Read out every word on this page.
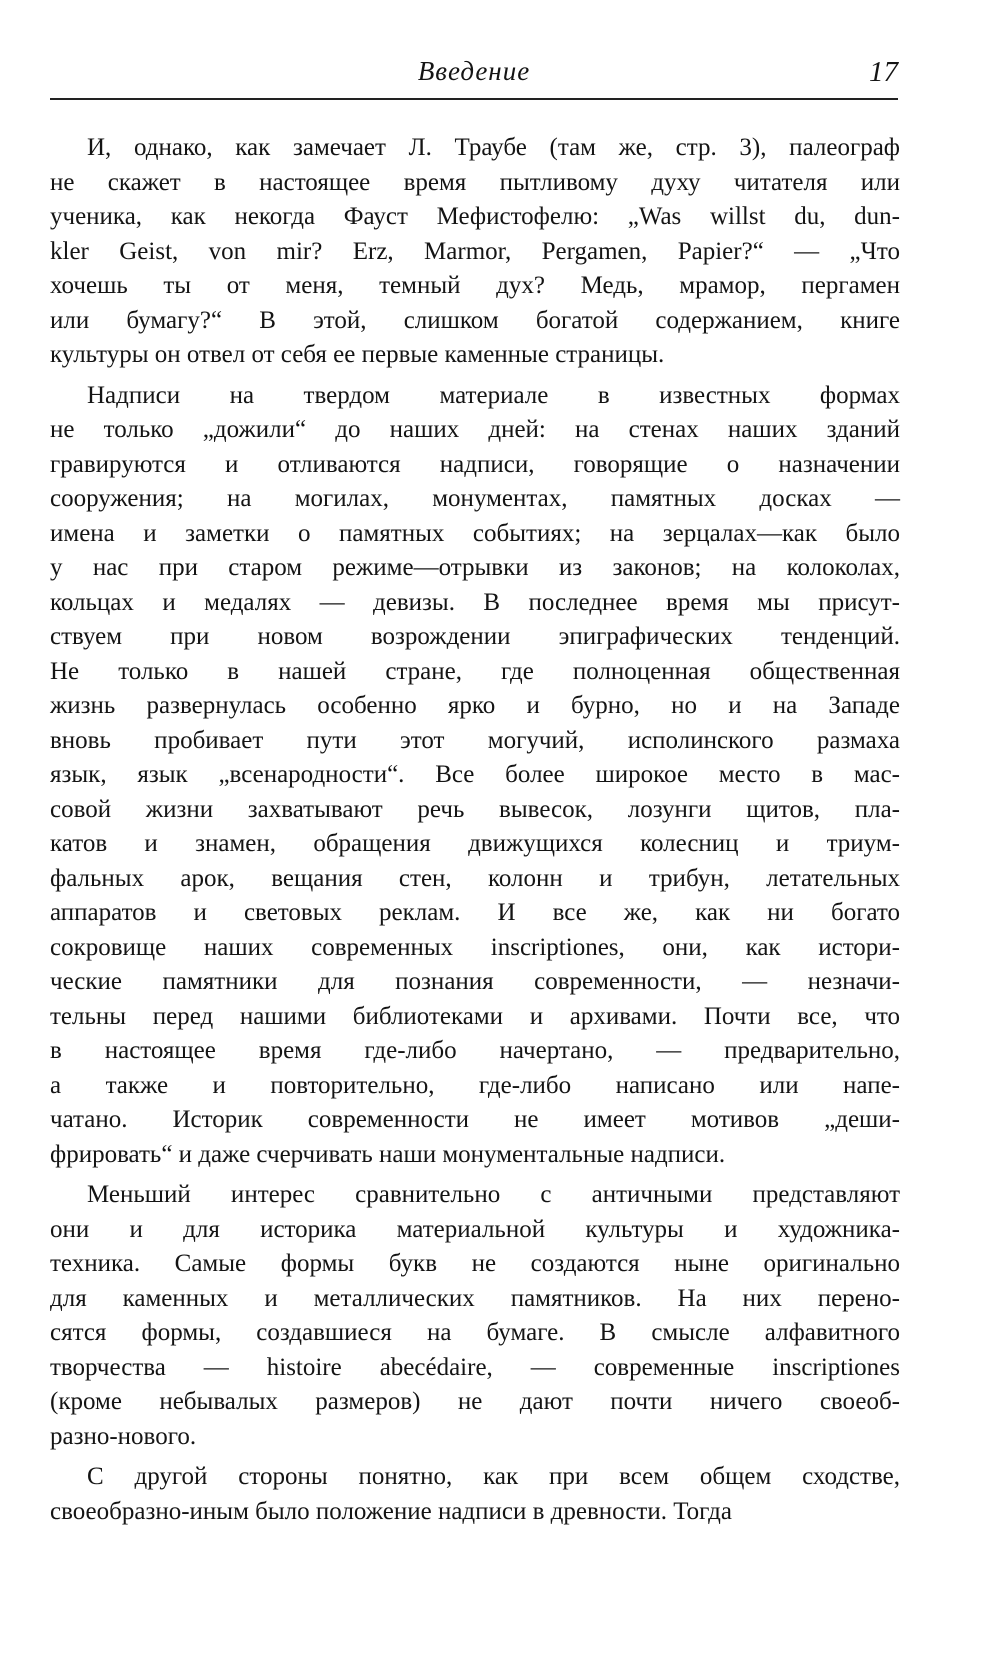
Введение	17
И, однако, как замечает Л. Траубе (там же, стр. 3), палеограф
не скажет в настоящее время пытливому духу читателя или
ученика, как некогда Фауст Мефистофелю: „Was willst du, dun-
kler Geist, von mir? Erz, Marmor, Pergamen, Papier?“ — „Что
хочешь ты от меня, темный дух? Медь, мрамор, пергамен
или бумагу?“ В этой, слишком богатой содержанием, книге
культуры он отвел от себя ее первые каменные страницы.
Надписи на твердом материале в известных формах
не только „дожили“ до наших дней: на стенах наших зданий
гравируются и отливаются надписи, говорящие о назначении
сооружения; на могилах, монументах, памятных досках —
имена и заметки о памятных событиях; на зерцалах—как было
у нас при старом режиме—отрывки из законов; на колоколах,
кольцах и медалях — девизы. В последнее время мы присут-
ствуем при новом возрождении эпиграфических тенденций.
Не только в нашей стране, где полноценная общественная
жизнь развернулась особенно ярко и бурно, но и на Западе
вновь пробивает пути этот могучий, исполинского размаха
язык, язык „всенародности“. Все более широкое место в мас-
совой жизни захватывают речь вывесок, лозунги щитов, пла-
катов и знамен, обращения движущихся колесниц и триум-
фальных арок, вещания стен, колонн и трибун, летательных
аппаратов и световых реклам. И все же, как ни богато
сокровище наших современных inscriptiones, они, как истори-
ческие памятники для познания современности, — незначи-
тельны перед нашими библиотеками и архивами. Почти все, что
в настоящее время где-либо начертано, — предварительно,
а также и повторительно, где-либо написано или напе-
чатано. Историк современности не имеет мотивов „деши-
фрировать“ и даже счерчивать наши монументальные надписи.
Меньший интерес сравнительно с античными представляют
они и для историка материальной культуры и художника-
техника. Самые формы букв не создаются ныне оригинально
для каменных и металлических памятников. На них перено-
сятся формы, создавшиеся на бумаге. В смысле алфавитного
творчества — histoire abecédaire, — современные inscriptiones
(кроме небывалых размеров) не дают почти ничего своеоб-
разно-нового.
С другой стороны понятно, как при всем общем сходстве,
своеобразно-иным было положение надписи в древности. Тогда
